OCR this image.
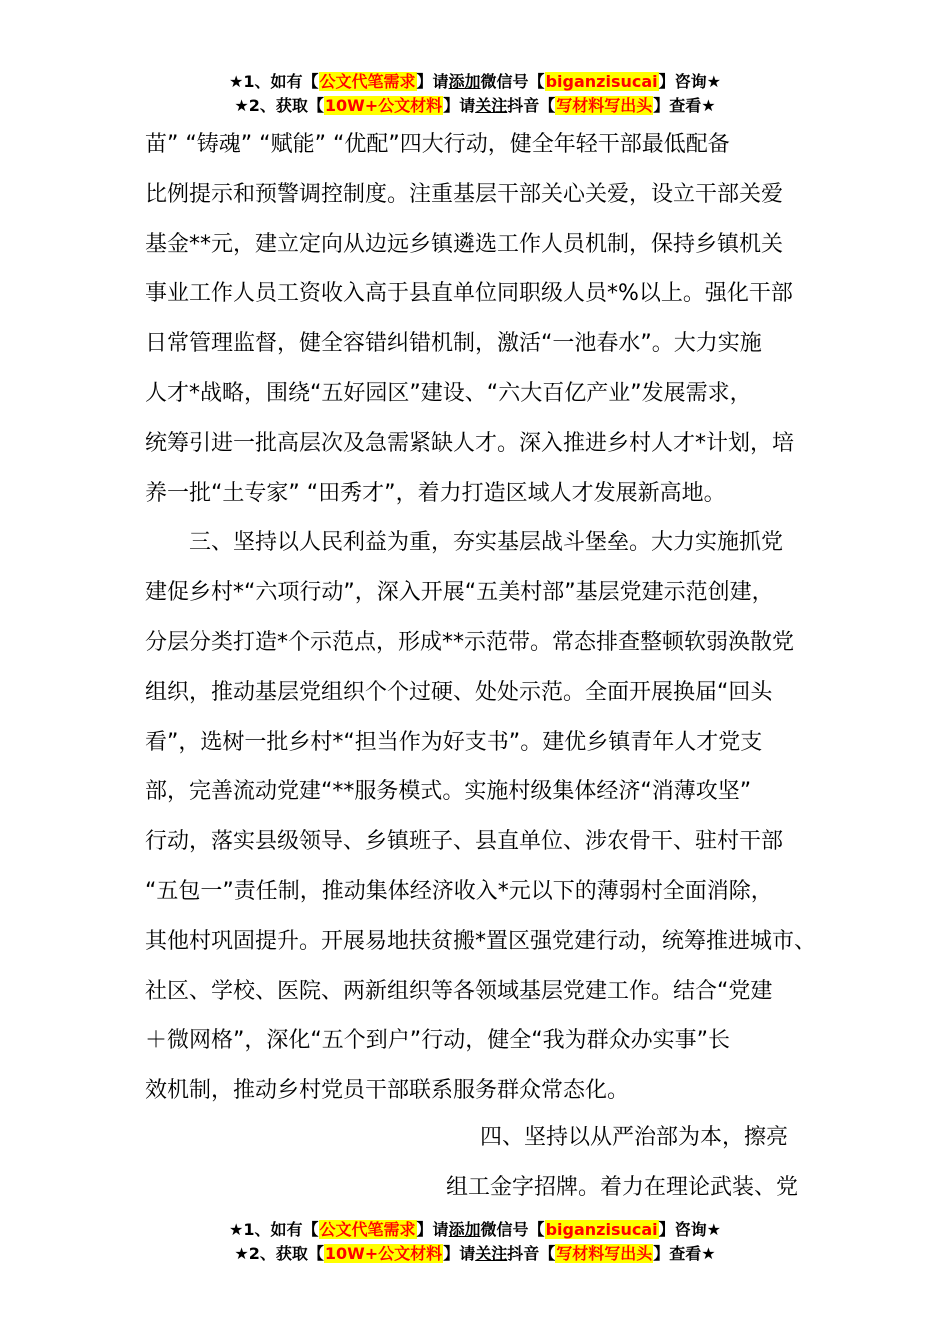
★1、如有【公文代笔需求】请添加微信号【biganzisucai】咨询★
★2、获取【10W+公文材料】请关注抖音【写材料写出头】查看★
苗” “铸魂” “赋能” “优配”四大行动，健全年轻干部最低配备
比例提示和预警调控制度。注重基层干部关心关爱，设立干部关爱
基金**元，建立定向从边远乡镇遴选工作人员机制，保持乡镇机关
事业工作人员工资收入高于县直单位同职级人员*%以上。强化干部
日常管理监督，健全容错纠错机制，激活“一池春水”。大力实施
人才*战略，围绕“五好园区”建设、“六大百亿产业”发展需求，
统筹引进一批高层次及急需紧缺人才。深入推进乡村人才*计划，培
养一批“土专家” “田秀才”，着力打造区域人才发展新高地。
　　三、坚持以人民利益为重，夯实基层战斗堡垒。大力实施抓党
建促乡村*“六项行动”，深入开展“五美村部”基层党建示范创建，
分层分类打造*个示范点，形成**示范带。常态排查整顿软弱涣散党
组织，推动基层党组织个个过硬、处处示范。全面开展换届“回头
看”，选树一批乡村*“担当作为好支书”。建优乡镇青年人才党支
部，完善流动党建“**服务模式。实施村级集体经济“消薄攻坚”
行动，落实县级领导、乡镇班子、县直单位、涉农骨干、驻村干部
“五包一”责任制，推动集体经济收入*元以下的薄弱村全面消除，
其他村巩固提升。开展易地扶贫搬*置区强党建行动，统筹推进城市、
社区、学校、医院、两新组织等各领域基层党建工作。结合“党建
＋微网格”，深化“五个到户”行动，健全“我为群众办实事”长
效机制，推动乡村党员干部联系服务群众常态化。
四、坚持以从严治部为本，擦亮
组工金字招牌。着力在理论武装、党
★1、如有【公文代笔需求】请添加微信号【biganzisucai】咨询★
★2、获取【10W+公文材料】请关注抖音【写材料写出头】查看★
